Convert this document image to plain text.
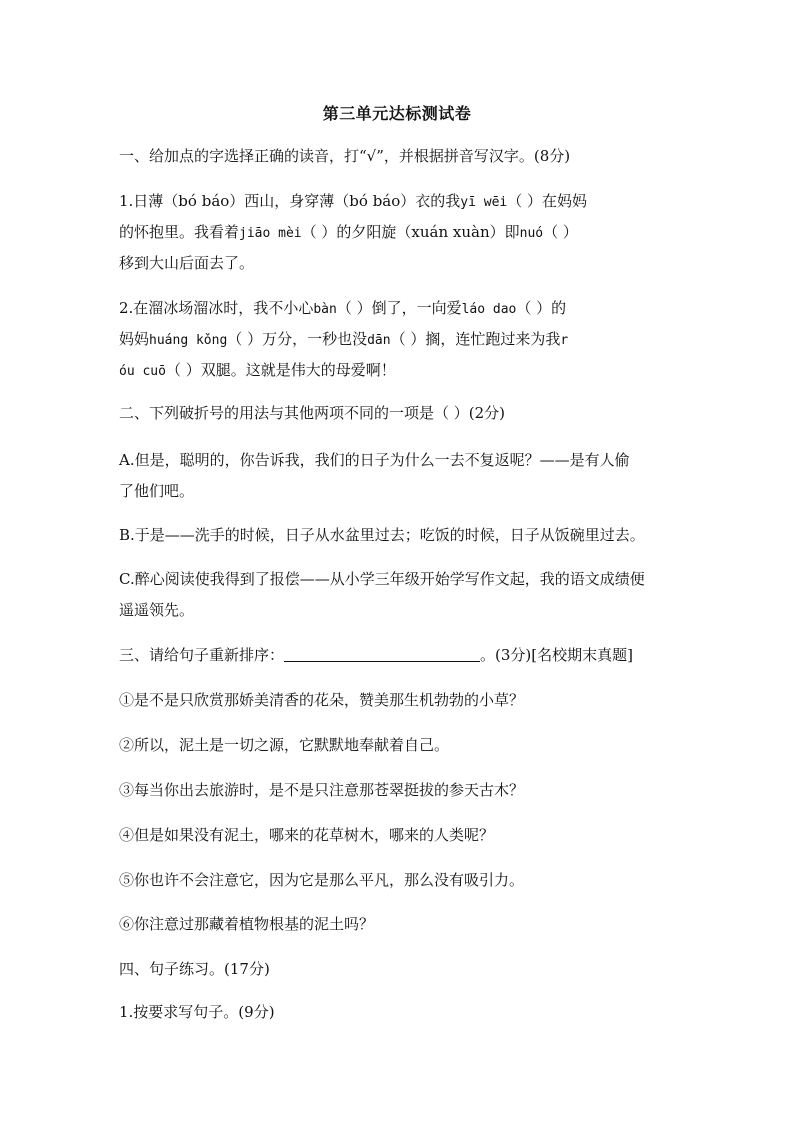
第三单元达标测试卷
一、给加点的字选择正确的读音，打“√”，并根据拼音写汉字。(8分)
1.日薄（bó báo）西山，身穿薄（bó báo）衣的我yī wēi（ ）在妈妈
的怀抱里。我看着jiāo mèi（ ）的夕阳旋（xuán xuàn）即nuó（ ）
移到大山后面去了。
2.在溜冰场溜冰时，我不小心bàn（ ）倒了，一向爱láo dao（ ）的
妈妈huáng kǒng（ ）万分，一秒也没dān（ ）搁，连忙跑过来为我r
óu cuō（ ）双腿。这就是伟大的母爱啊！
二、下列破折号的用法与其他两项不同的一项是（ ）(2分)
A.但是，聪明的，你告诉我，我们的日子为什么一去不复返呢？——是有人偷
了他们吧。
B.于是——洗手的时候，日子从水盆里过去；吃饭的时候，日子从饭碗里过去。
C.醉心阅读使我得到了报偿——从小学三年级开始学写作文起，我的语文成绩便
遥遥领先。
三、请给句子重新排序：	。(3分)[名校期末真题]
①是不是只欣赏那娇美清香的花朵，赞美那生机勃勃的小草？
②所以，泥土是一切之源，它默默地奉献着自己。
③每当你出去旅游时，是不是只注意那苍翠挺拔的参天古木？
④但是如果没有泥土，哪来的花草树木，哪来的人类呢？
⑤你也许不会注意它，因为它是那么平凡，那么没有吸引力。
⑥你注意过那藏着植物根基的泥土吗？
四、句子练习。(17分)
1.按要求写句子。(9分)
